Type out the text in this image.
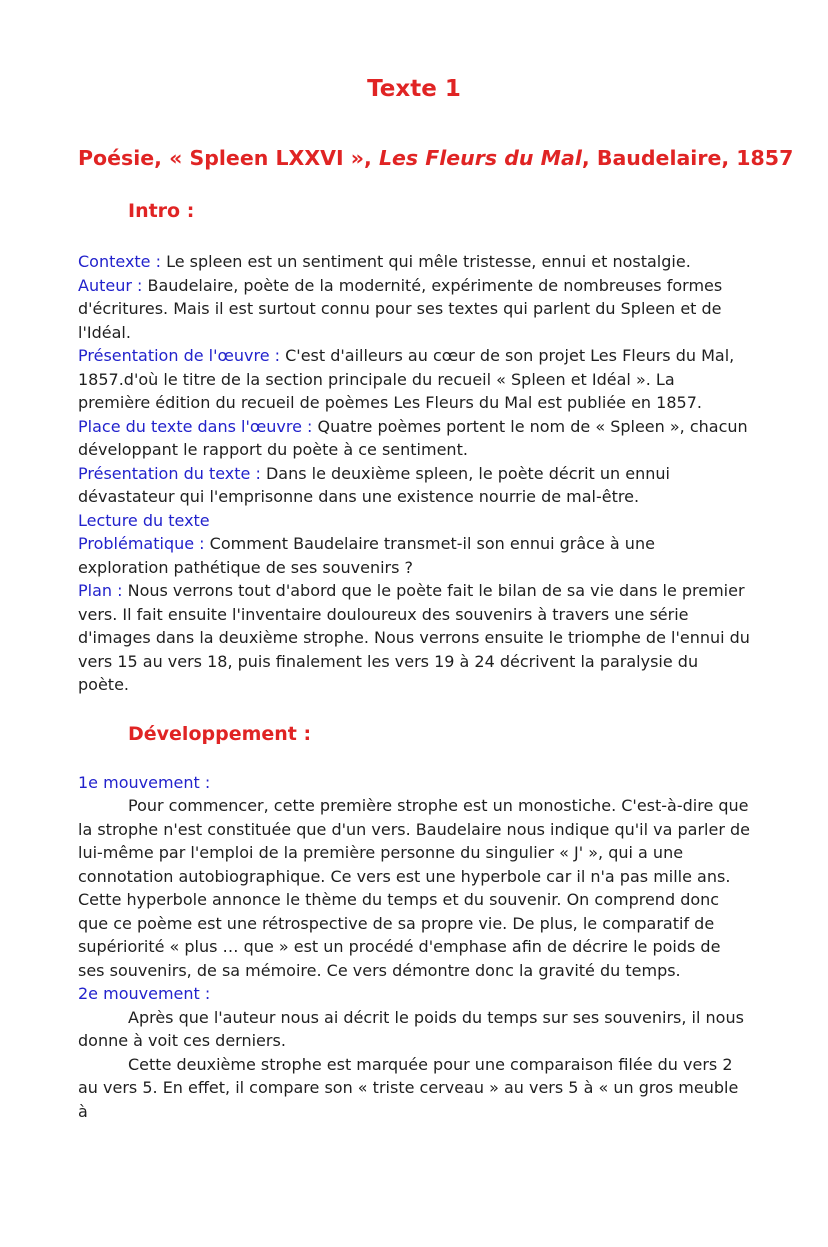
Texte 1
Poésie, « Spleen LXXVI », Les Fleurs du Mal, Baudelaire, 1857
Intro :

Contexte : Le spleen est un sentiment qui mêle tristesse, ennui et nostalgie.

Auteur : Baudelaire, poète de la modernité, expérimente de nombreuses formes d'écritures. Mais il est surtout connu pour ses textes qui parlent du Spleen et de l'Idéal.

Présentation de l'œuvre : C'est d'ailleurs au cœur de son projet Les Fleurs du Mal, 1857.d'où le titre de la section principale du recueil « Spleen et Idéal ». La première édition du recueil de poèmes Les Fleurs du Mal est publiée en 1857.

Place du texte dans l'œuvre : Quatre poèmes portent le nom de « Spleen », chacun développant le rapport du poète à ce sentiment.

Présentation du texte : Dans le deuxième spleen, le poète décrit un ennui dévastateur qui l'emprisonne dans une existence nourrie de mal-être.

Lecture du texte

Problématique : Comment Baudelaire transmet-il son ennui grâce à une exploration pathétique de ses souvenirs ?

Plan : Nous verrons tout d'abord que le poète fait le bilan de sa vie dans le premier vers. Il fait ensuite l'inventaire douloureux des souvenirs à travers une série d'images dans la deuxième strophe. Nous verrons ensuite le triomphe de l'ennui du vers 15 au vers 18, puis finalement les vers 19 à 24 décrivent la paralysie du poète.

Développement :

1e mouvement :

Pour commencer, cette première strophe est un monostiche. C'est-à-dire que la strophe n'est constituée que d'un vers. Baudelaire nous indique qu'il va parler de lui-même par l'emploi de la première personne du singulier « J' », qui a une connotation autobiographique. Ce vers est une hyperbole car il n'a pas mille ans. Cette hyperbole annonce le thème du temps et du souvenir. On comprend donc que ce poème est une rétrospective de sa propre vie. De plus, le comparatif de supériorité « plus … que » est un procédé d'emphase afin de décrire le poids de ses souvenirs, de sa mémoire. Ce vers démontre donc la gravité du temps.

2e mouvement :

Après que l'auteur nous ai décrit le poids du temps sur ses souvenirs, il nous donne à voit ces derniers.

Cette deuxième strophe est marquée pour une comparaison filée du vers 2 au vers 5. En effet, il compare son « triste cerveau » au vers 5 à « un gros meuble à
